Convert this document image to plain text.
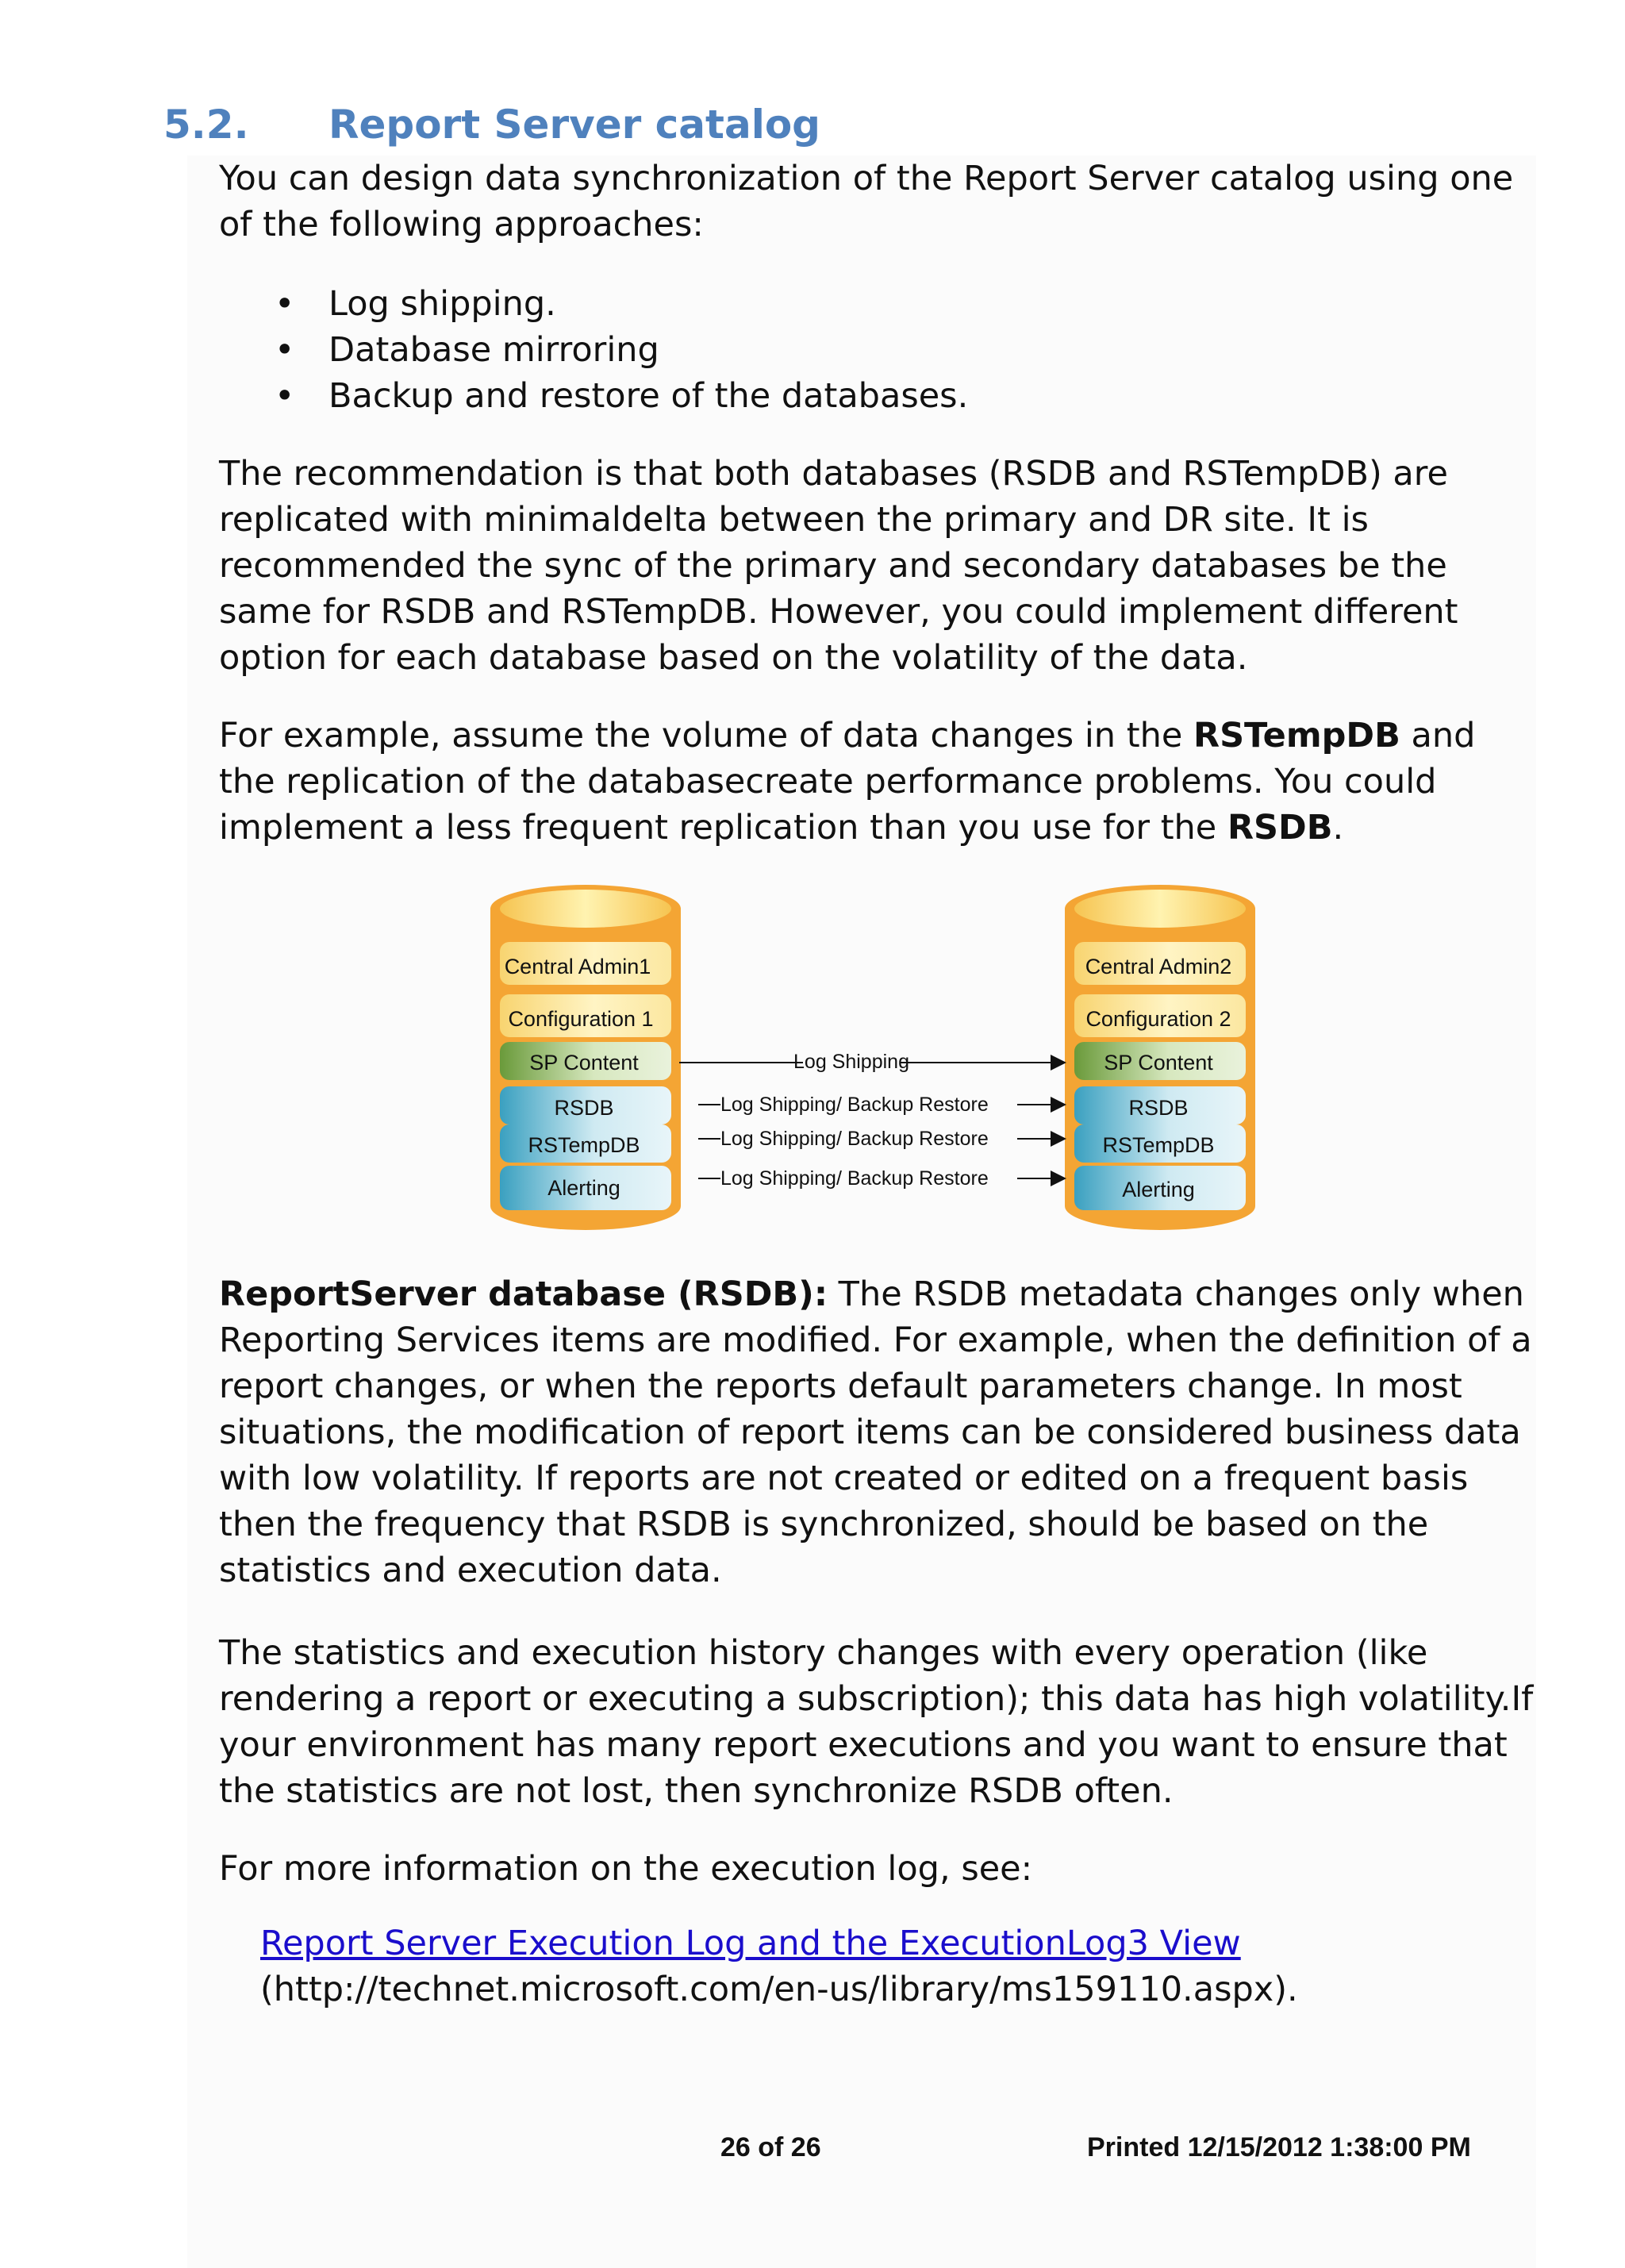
5.2. Report Server catalog

You can design data synchronization of the Report Server catalog using one of the following approaches:

• Log shipping.
• Database mirroring
• Backup and restore of the databases.

The recommendation is that both databases (RSDB and RSTempDB) are replicated with minimaldelta between the primary and DR site. It is recommended the sync of the primary and secondary databases be the same for RSDB and RSTempDB. However, you could implement different option for each database based on the volatility of the data.

For example, assume the volume of data changes in the RSTempDB and the replication of the databasecreate performance problems. You could implement a less frequent replication than you use for the RSDB.

Central Admin1
Configuration 1
SP Content
RSDB
RSTempDB
Alerting
Central Admin2
Configuration 2
SP Content
RSDB
RSTempDB
Alerting
Log Shipping
Log Shipping/ Backup Restore
Log Shipping/ Backup Restore
Log Shipping/ Backup Restore

ReportServer database (RSDB): The RSDB metadata changes only when Reporting Services items are modified. For example, when the definition of a report changes, or when the reports default parameters change. In most situations, the modification of report items can be considered business data with low volatility. If reports are not created or edited on a frequent basis then the frequency that RSDB is synchronized, should be based on the statistics and execution data.

The statistics and execution history changes with every operation (like rendering a report or executing a subscription); this data has high volatility.If your environment has many report executions and you want to ensure that the statistics are not lost, then synchronize RSDB often.

For more information on the execution log, see:

Report Server Execution Log and the ExecutionLog3 View
(http://technet.microsoft.com/en-us/library/ms159110.aspx).
26 of 26	Printed 12/15/2012 1:38:00 PM
